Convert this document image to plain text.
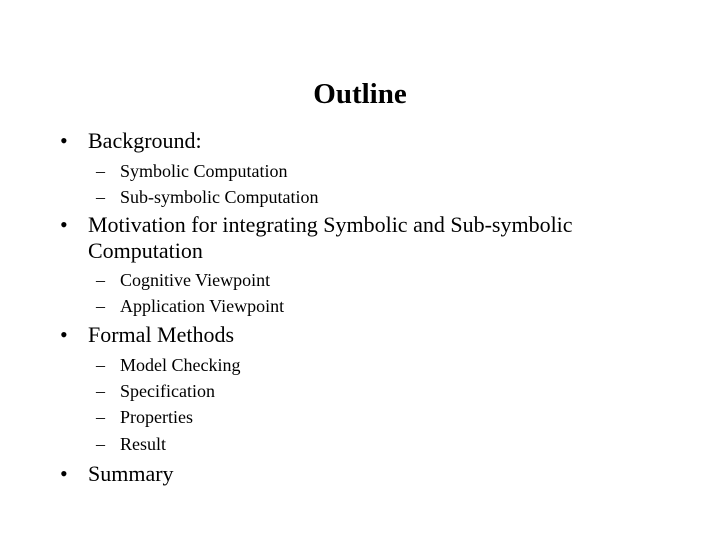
Outline
• Background:
– Symbolic Computation
– Sub-symbolic Computation
• Motivation for integrating Symbolic and Sub-symbolic
Computation
– Cognitive Viewpoint
– Application Viewpoint
• Formal Methods
– Model Checking
– Specification
– Properties
– Result
• Summary
